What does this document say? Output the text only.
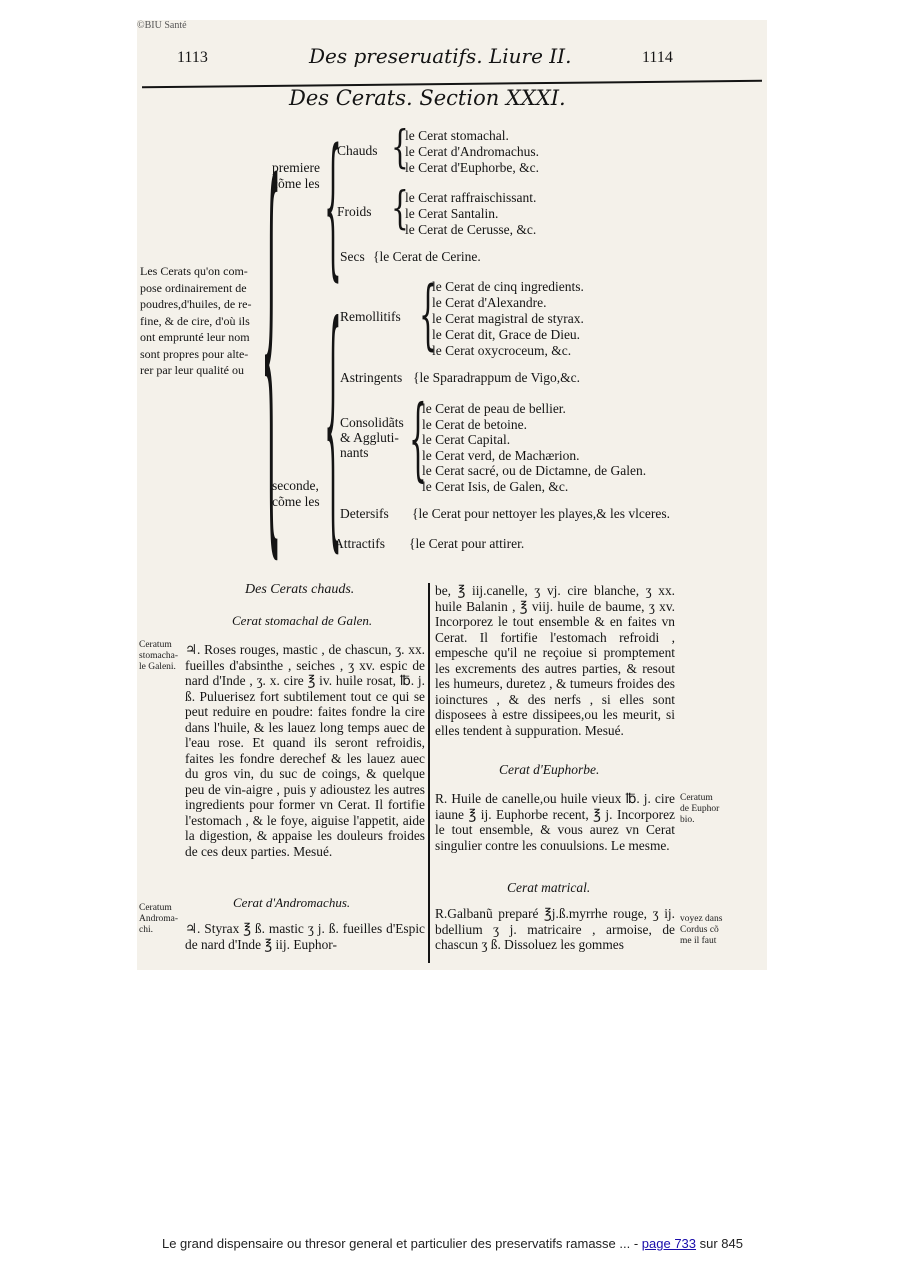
©BIU Santé
1113	Des preseruatifs. Liure II.	1114
Des Cerats. Section XXXI.
Les Cerats qu'on com-
pose ordinairement de
poudres,d'huiles, de re-
fine, & de cire, d'où ils
ont emprunté leur nom
sont propres pour alte-
rer par leur qualité ou {
premiere
cõme les
seconde,
cõme les
{
{
Chauds {
le Cerat stomachal.
le Cerat d'Andromachus.
le Cerat d'Euphorbe, &c.
Froids {
le Cerat raffraischissant.
le Cerat Santalin.
le Cerat de Cerusse, &c.
Secs {le Cerat de Cerine.
Remollitifs {
le Cerat de cinq ingredients.
le Cerat d'Alexandre.
le Cerat magistral de styrax.
le Cerat dit, Grace de Dieu.
le Cerat oxycroceum, &c.
Astringents {le Sparadrappum de Vigo,&c.
Consolidãts
& Aggluti-
nants	{
le Cerat de peau de bellier.
le Cerat de betoine.
le Cerat Capital.
le Cerat verd, de Machærion.
le Cerat sacré, ou de Dictamne, de Galen.
le Cerat Isis, de Galen, &c.
Detersifs {le Cerat pour nettoyer les playes,& les vlceres.
Attractifs {le Cerat pour attirer.
Des Cerats chauds.
Cerat stomachal de Galen.
Ceratum
stomacha-
le Galeni.
♃. Roses rouges, mastic , de chascun, ʒ. xx. fueilles d'absinthe , seiches , ʒ xv. espic de nard d'Inde , ʒ. x. cire ℥ iv. huile rosat, ℔. j. ß. Puluerisez fort subtilement tout ce qui se peut reduire en poudre: faites fondre la cire dans l'huile, & les lauez long temps auec de l'eau rose. Et quand ils seront refroidis, faites les fondre derechef & les lauez auec du gros vin, du suc de coings, & quelque peu de vin-aigre , puis y adioustez les autres ingredients pour former vn Cerat. Il fortifie l'estomach , & le foye, aiguise l'appetit, aide la digestion, & appaise les douleurs froides de ces deux parties. Mesué.
Cerat d'Andromachus.
Ceratum
Androma-
chi.	♃. Styrax ℥ ß. mastic ʒ j. ß. fueilles d'Espic de nard d'Inde ℥ iij. Euphor-
be, ℥ iij.canelle, ʒ vj. cire blanche, ʒ xx. huile Balanin , ℥ viij. huile de baume, ʒ xv. Incorporez le tout ensemble & en faites vn Cerat. Il fortifie l'estomach refroidi , empesche qu'il ne reçoiue si promptement les excrements des autres parties, & resout les humeurs, duretez , & tumeurs froides des ioinctures , & des nerfs , si elles sont disposees à estre dissipees,ou les meurit, si elles tendent à suppuration. Mesué.
Cerat d'Euphorbe.
R. Huile de canelle,ou huile vieux ℔. j. cire iaune ℥ ij. Euphorbe recent, ℥ j. Incorporez le tout ensemble, & vous aurez vn Cerat singulier contre les conuulsions. Le mesme.
Ceratum
de Euphor
bio.
Cerat matrical.
R.Galbanũ preparé ℥j.ß.myrrhe rouge, ʒ ij. bdellium ʒ j. matricaire , armoise, de chascun ʒ ß. Dissoluez les gommes
voyez dans
Cordus cõ
me il faut
Le grand dispensaire ou thresor general et particulier des preservatifs ramasse ... - page 733 sur 845
